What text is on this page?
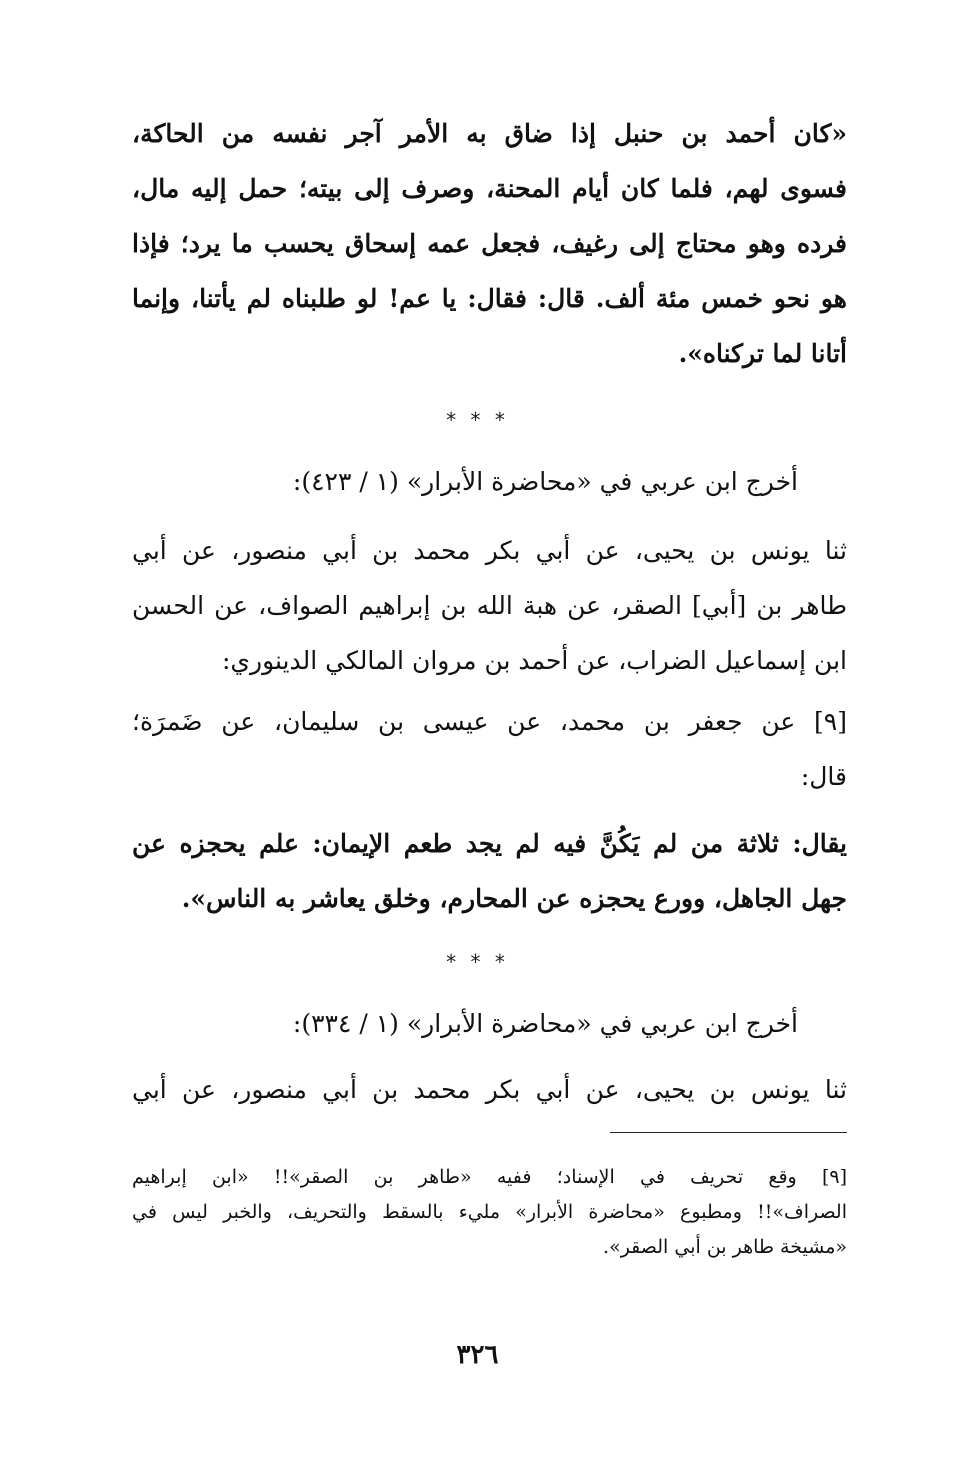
«كان أحمد بن حنبل إذا ضاق به الأمر آجر نفسه من الحاكة،
فسوى لهم، فلما كان أيام المحنة، وصرف إلى بيته؛ حمل إليه مال،
فرده وهو محتاج إلى رغيف، فجعل عمه إسحاق يحسب ما يرد؛ فإذا
هو نحو خمس مئة ألف. قال: فقال: يا عم! لو طلبناه لم يأتنا، وإنما
أتانا لما تركناه».
* * *
أخرج ابن عربي في «محاضرة الأبرار» (١ / ٤٢٣):
ثنا يونس بن يحيى، عن أبي بكر محمد بن أبي منصور، عن أبي
طاهر بن [أبي] الصقر، عن هبة الله بن إبراهيم الصواف، عن الحسن
ابن إسماعيل الضراب، عن أحمد بن مروان المالكي الدينوري:
[٩] عن جعفر بن محمد، عن عيسى بن سليمان، عن ضَمرَة؛
قال:
يقال: ثلاثة من لم يَكُنَّ فيه لم يجد طعم الإيمان: علم يحجزه عن
جهل الجاهل، وورع يحجزه عن المحارم، وخلق يعاشر به الناس».
* * *
أخرج ابن عربي في «محاضرة الأبرار» (١ / ٣٣٤):
ثنا يونس بن يحيى، عن أبي بكر محمد بن أبي منصور، عن أبي
[٩] وقع تحريف في الإسناد؛ ففيه «طاهر بن الصقر»!! «ابن إبراهيم
الصراف»!! ومطبوع «محاضرة الأبرار» مليء بالسقط والتحريف، والخبر ليس في
«مشيخة طاهر بن أبي الصقر».
٣٢٦
